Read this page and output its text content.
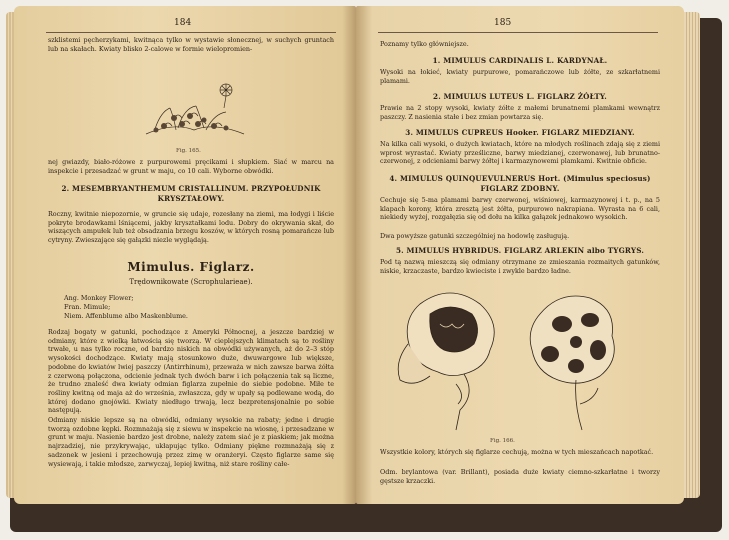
184
szklistemi pęcherzykami, kwitnąca tylko w wystawie słonecznej, w suchych gruntach lub na skałach. Kwiaty blisko 2-calowe w formie wielopromien-
Fig. 165.
nej gwiazdy, biało-różowe z purpurowemi pręcikami i słupkiem. Siać w marcu na inspekcie i przesadzać w grunt w maju, co 10 cali. Wyborne obwódki.
2. MESEMBRYANTHEMUM CRISTALLINUM. PRZYPOŁUDNIK KRYSZTAŁOWY.
Roczny, kwitnie niepozornie, w gruncie się udaje, rozesłany na ziemi, ma łodygi i liście pokryte brodawkami lśniącemi, jakby kryształkami lodu. Dobry do okrywania skał, do wiszących ampułek lub też obsadzania brzegu koszów, w których rosną pomarańcze lub cytryny. Zwieszające się gałązki niezle wyglądają.
Mimulus. Figlarz.
Trędownikowate (Scrophularieae).
Ang. Monkey Flower;
Fran. Mimule;
Niem. Affenblume albo Maskenblume.
Rodzaj bogaty w gatunki, pochodzące z Ameryki Północnej, a jeszcze bardziej w odmiany, które z wielką łatwością się tworzą. W cieplejszych klimatach są to rośliny trwałe, u nas tylko roczne, od bardzo niskich na obwódki używanych, aż do 2–3 stóp wysokości dochodzące. Kwiaty mają stosunkowo duże, dwuwargowe lub większe, podobne do kwiatów lwiej paszczy (Antirrhinum), przeważa w nich zawsze barwa żółta z czerwoną połączona, odcienie jednak tych dwóch barw i ich połączenia tak są liczne, że trudno znaleść dwa kwiaty odmian figlarza zupełnie do siebie podobne. Miłe te rośliny kwitną od maja aż do września, zwłaszcza, gdy w upały są podlewane wodą, do której dodano gnojówki. Kwiaty niedługo trwają, lecz bezpretensjonalnie po sobie następują.
Odmiany niskie lepsze są na obwódki, odmiany wysokie na rabaty; jedne i drugie tworzą ozdobne kępki. Rozmnażają się z siewu w inspekcie na wiosnę, i przesadzane w grunt w maju. Nasienie bardzo jest drobne, należy zatem siać je z piaskiem; jak można najrzadziej, nie przykrywając, ukłapując tylko. Odmiany piękne rozmnażają się z sadzonek w jesieni i przechowują przez zimę w oranżeryi. Często figlarze same się wysiewają, i takie młodsze, zarwyczaj, lepiej kwitną, niż stare rośliny całe-
185
Poznamy tylko główniejsze.
1. MIMULUS CARDINALIS L. KARDYNAŁ.
Wysoki na łokieć, kwiaty purpurowe, pomarańczowe lub żółte, ze szkarłatnemi plamami.
2. MIMULUS LUTEUS L. FIGLARZ ŻÓŁTY.
Prawie na 2 stopy wysoki, kwiaty żółte z małemi brunatnemi plamkami wewnątrz paszczy. Z nasienia stałe i bez zmian powtarza się.
3. MIMULUS CUPREUS Hooker. FIGLARZ MIEDZIANY.
Na kilka cali wysoki, o dużych kwiatach, które na młodych roślinach zdają się z ziemi wprost wyrastać. Kwiaty prześlicznе, barwy miedzianej, czerwonawej, lub brunatno-czerwonej, z odcieniami barwy żółtej i karmazynowemi plamkami. Kwitnie obficie.
4. MIMULUS QUINQUEVULNERUS Hort. (Mimulus speciosus) FIGLARZ ZDOBNY.
Cechuje się 5-ma plamami barwy czerwonej, wiśniowej, karmazynowej i t. p., na 5 klapach korony, która zresztą jest żółta, purpurowo nakrapiana. Wyrasta na 6 cali, niekiedy wyżej, rozgałęzia się od dołu na kilka gałązek jednakowo wysokich.
Dwa powyższe gatunki szczególniej na hodowlę zasługują.
5. MIMULUS HYBRIDUS. FIGLARZ ARLEKIN albo TYGRYS.
Pod tą nazwą mieszczą się odmiany otrzymane ze zmieszania rozmaitych gatunków, niskie, krzaczaste, bardzo kwieciste i zwykle bardzo ładne.
Fig. 166.
Wszystkie kolory, których się figlarze cechują, można w tych mieszańcach napotkać.
Odm. brylantowa (var. Brillant), posiada duże kwiaty ciemno-szkarłatne i tworzy gęstsze krzaczki.
